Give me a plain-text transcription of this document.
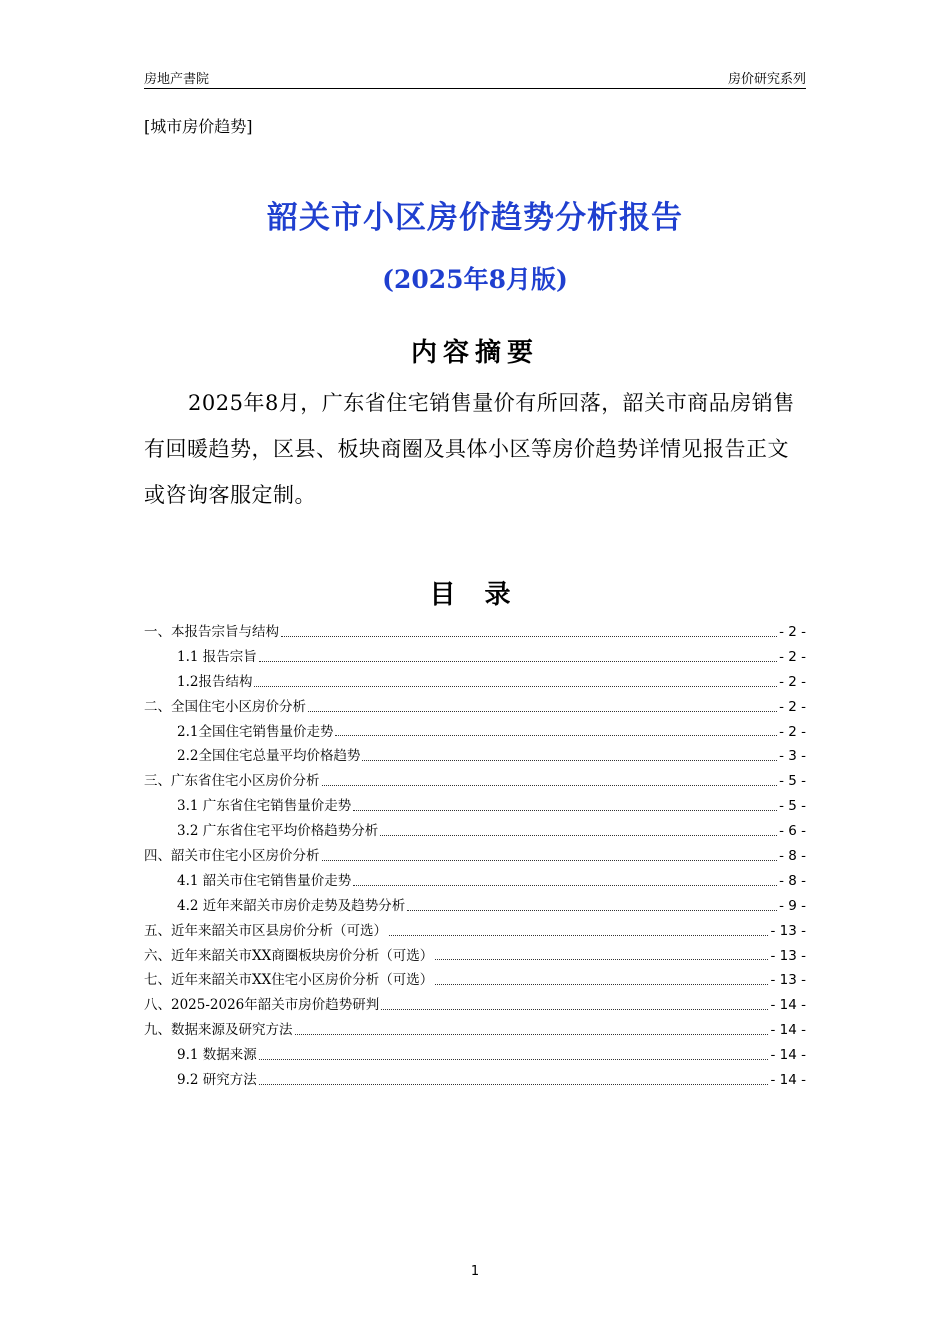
房地产書院	房价研究系列
[城市房价趋势]
韶关市小区房价趋势分析报告
(2025年8月版)
内容摘要

2025年8月，广东省住宅销售量价有所回落，韶关市商品房销售有回暖趋势，区县、板块商圈及具体小区等房价趋势详情见报告正文或咨询客服定制。

目 录
一、本报告宗旨与结构	- 2 -
1.1 报告宗旨	- 2 -
1.2报告结构	- 2 -
二、全国住宅小区房价分析	- 2 -
2.1全国住宅销售量价走势	- 2 -
2.2全国住宅总量平均价格趋势	- 3 -
三、广东省住宅小区房价分析	- 5 -
3.1 广东省住宅销售量价走势	- 5 -
3.2 广东省住宅平均价格趋势分析	- 6 -
四、韶关市住宅小区房价分析	- 8 -
4.1 韶关市住宅销售量价走势	- 8 -
4.2 近年来韶关市房价走势及趋势分析	- 9 -
五、近年来韶关市区县房价分析（可选）	- 13 -
六、近年来韶关市XX商圈板块房价分析（可选）	- 13 -
七、近年来韶关市XX住宅小区房价分析（可选）	- 13 -
八、2025-2026年韶关市房价趋势研判	- 14 -
九、数据来源及研究方法	- 14 -
9.1 数据来源	- 14 -
9.2 研究方法	- 14 -
1
